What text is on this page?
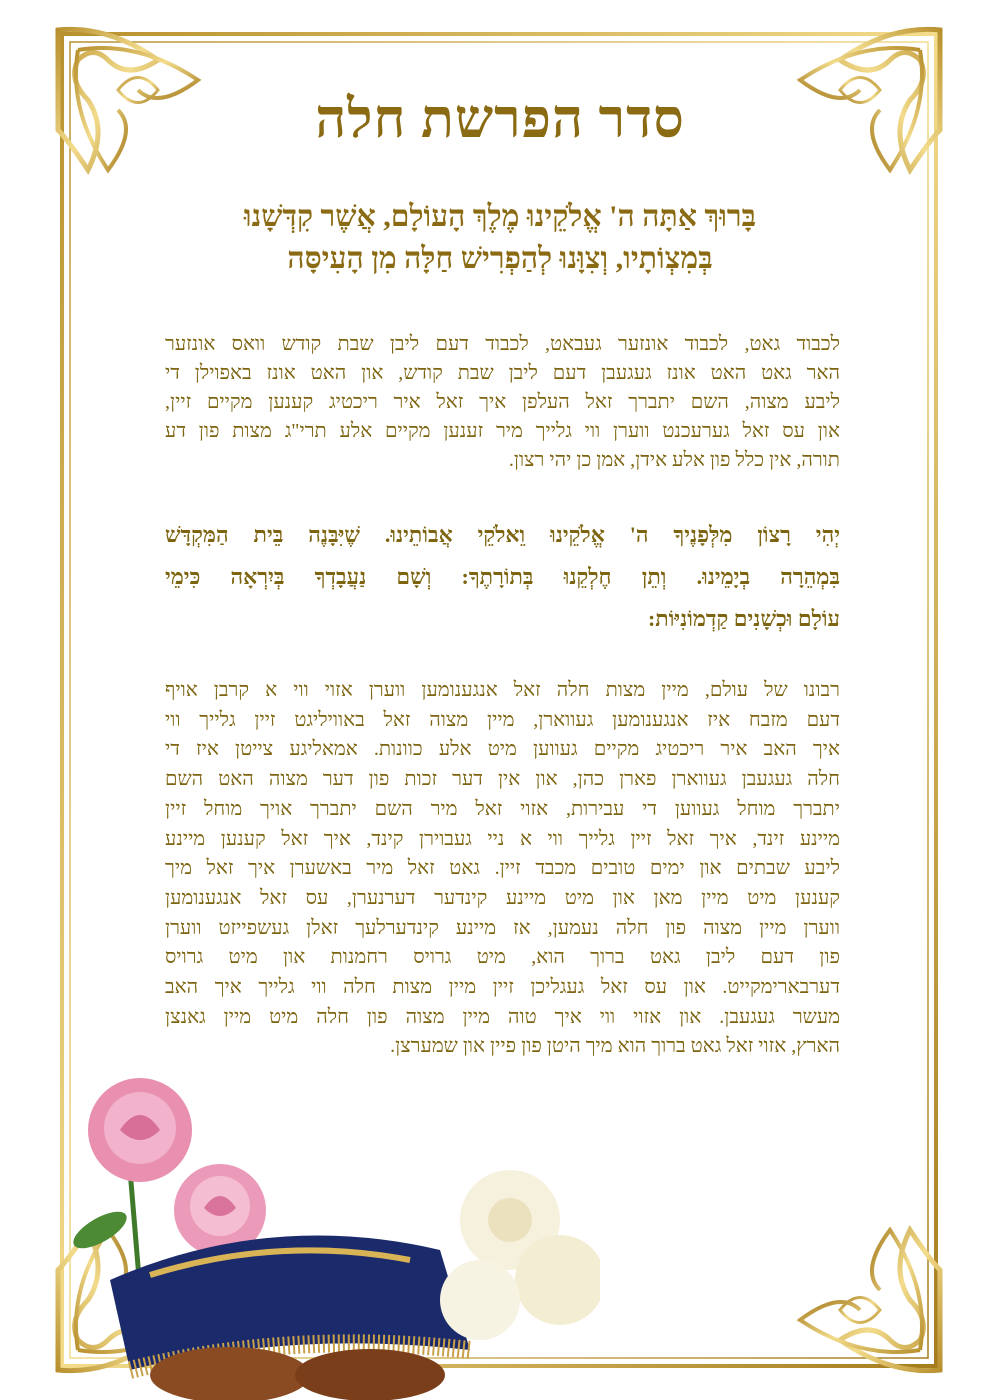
סדר הפרשת חלה
בָּרוּךְ אַתָּה ה' אֱלֹקֵינוּ מֶלֶךְ הָעוֹלָם, אֲשֶׁר קִדְּשָׁנוּ
בְּמִצְוֹתָיו, וְצִוָּנוּ לְהַפְרִישׁ חַלָּה מִן הָעִיסָּה
לכבוד גאט, לכבוד אונזער געבאט, לכבוד דעם ליבן שבת קודש וואס אונזער
האר גאט האט אונז געגעבן דעם ליבן שבת קודש, און האט אונז באפוילן די
ליבע מצוה, השם יתברך זאל העלפן איך זאל איר ריכטיג קענען מקיים זיין,
און עס זאל גערעכנט ווערן ווי גלייך מיר זענען מקיים אלע תרי"ג מצות פון דע
תורה, אין כלל פון אלע אידן, אמן כן יהי רצון.
יְהִי רָצוֹן מִלְּפָנֶיךָ ה' אֱלֹקֵינוּ וֵאלֹקֵי אֲבוֹתֵינוּ. שֶׁיִּבָּנֶה בֵּית הַמִּקְדָּשׁ
בִּמְהֵרָה בְיָמֵינוּ. וְתֵן חֶלְקֵנוּ בְּתוֹרָתֶךָ: וְשָׁם נַעֲבָדְךָ בְּיִרְאָה כִּימֵי
עוֹלָם וּכְשָׁנִים קַדְמוֹנִיּוֹת:
רבונו של עולם, מיין מצות חלה זאל אנגענומען ווערן אזוי ווי א קרבן אויף
דעם מזבח איז אנגענומען געווארן, מיין מצוה זאל באוויליגט זיין גלייך ווי
איך האב איר ריכטיג מקיים געווען מיט אלע כוונות. אמאליגע צייטן איז די
חלה געגעבן געווארן פארן כהן, און אין דער זכות פון דער מצוה האט השם
יתברך מוחל געווען די עבירות, אזוי זאל מיר השם יתברך אויך מוחל זיין
מיינע זינד, איך זאל זיין גלייך ווי א ניי געבוירן קינד, איך זאל קענען מיינע
ליבע שבתים און ימים טובים מכבד זיין. גאט זאל מיר באשערן איך זאל מיך
קענען מיט מיין מאן און מיט מיינע קינדער דערנערן, עס זאל אנגענומען
ווערן מיין מצוה פון חלה נעמען, אז מיינע קינדערלעך זאלן געשפייזט ווערן
פון דעם ליבן גאט ברוך הוא, מיט גרויס רחמנות און מיט גרויס
דערבארימקייט. און עס זאל געגליכן זיין מיין מצות חלה ווי גלייך איך האב
מעשר געגעבן. און אזוי ווי איך טוה מיין מצוה פון חלה מיט מיין גאנצן
הארץ, אזוי זאל גאט ברוך הוא מיך היטן פון פיין און שמערצן.
